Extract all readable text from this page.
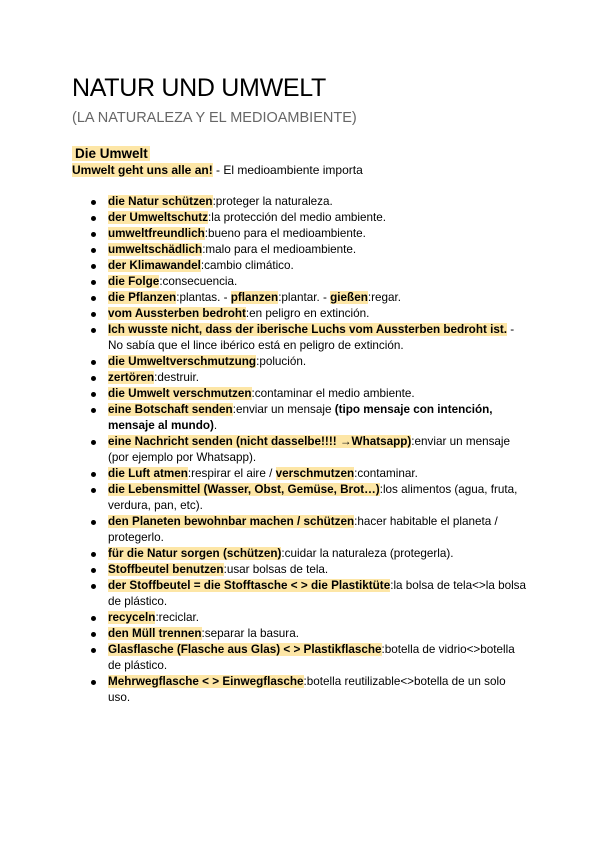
NATUR UND UMWELT

(LA NATURALEZA Y EL MEDIOAMBIENTE)

Die Umwelt

Umwelt geht uns alle an! - El medioambiente importa

die Natur schützen:proteger la naturaleza.
der Umweltschutz:la protección del medio ambiente.
umweltfreundlich:bueno para el medioambiente.
umweltschädlich:malo para el medioambiente.
der Klimawandel:cambio climático.
die Folge:consecuencia.
die Pflanzen:plantas. - pflanzen:plantar. - gießen:regar.
vom Aussterben bedroht:en peligro en extinción.
Ich wusste nicht, dass der iberische Luchs vom Aussterben bedroht ist. -No sabía que el lince ibérico está en peligro de extinción.
die Umweltverschmutzung:polución.
zertören:destruir.
die Umwelt verschmutzen:contaminar el medio ambiente.
eine Botschaft senden:enviar un mensaje (tipo mensaje con intención, mensaje al mundo).
eine Nachricht senden (nicht dasselbe!!!! →Whatsapp):enviar un mensaje (por ejemplo por Whatsapp).
die Luft atmen:respirar el aire / verschmutzen:contaminar.
die Lebensmittel (Wasser, Obst, Gemüse, Brot…):los alimentos (agua, fruta, verdura, pan, etc).
den Planeten bewohnbar machen / schützen:hacer habitable el planeta / protegerlo.
für die Natur sorgen (schützen):cuidar la naturaleza (protegerla).
Stoffbeutel benutzen:usar bolsas de tela.
der Stoffbeutel = die Stofftasche < > die Plastiktüte:la bolsa de tela<>la bolsa de plástico.
recyceln:reciclar.
den Müll trennen:separar la basura.
Glasflasche (Flasche aus Glas) < > Plastikflasche:botella de vidrio<>botella de plástico.
Mehrwegflasche < > Einwegflasche:botella reutilizable<>botella de un solo uso.
